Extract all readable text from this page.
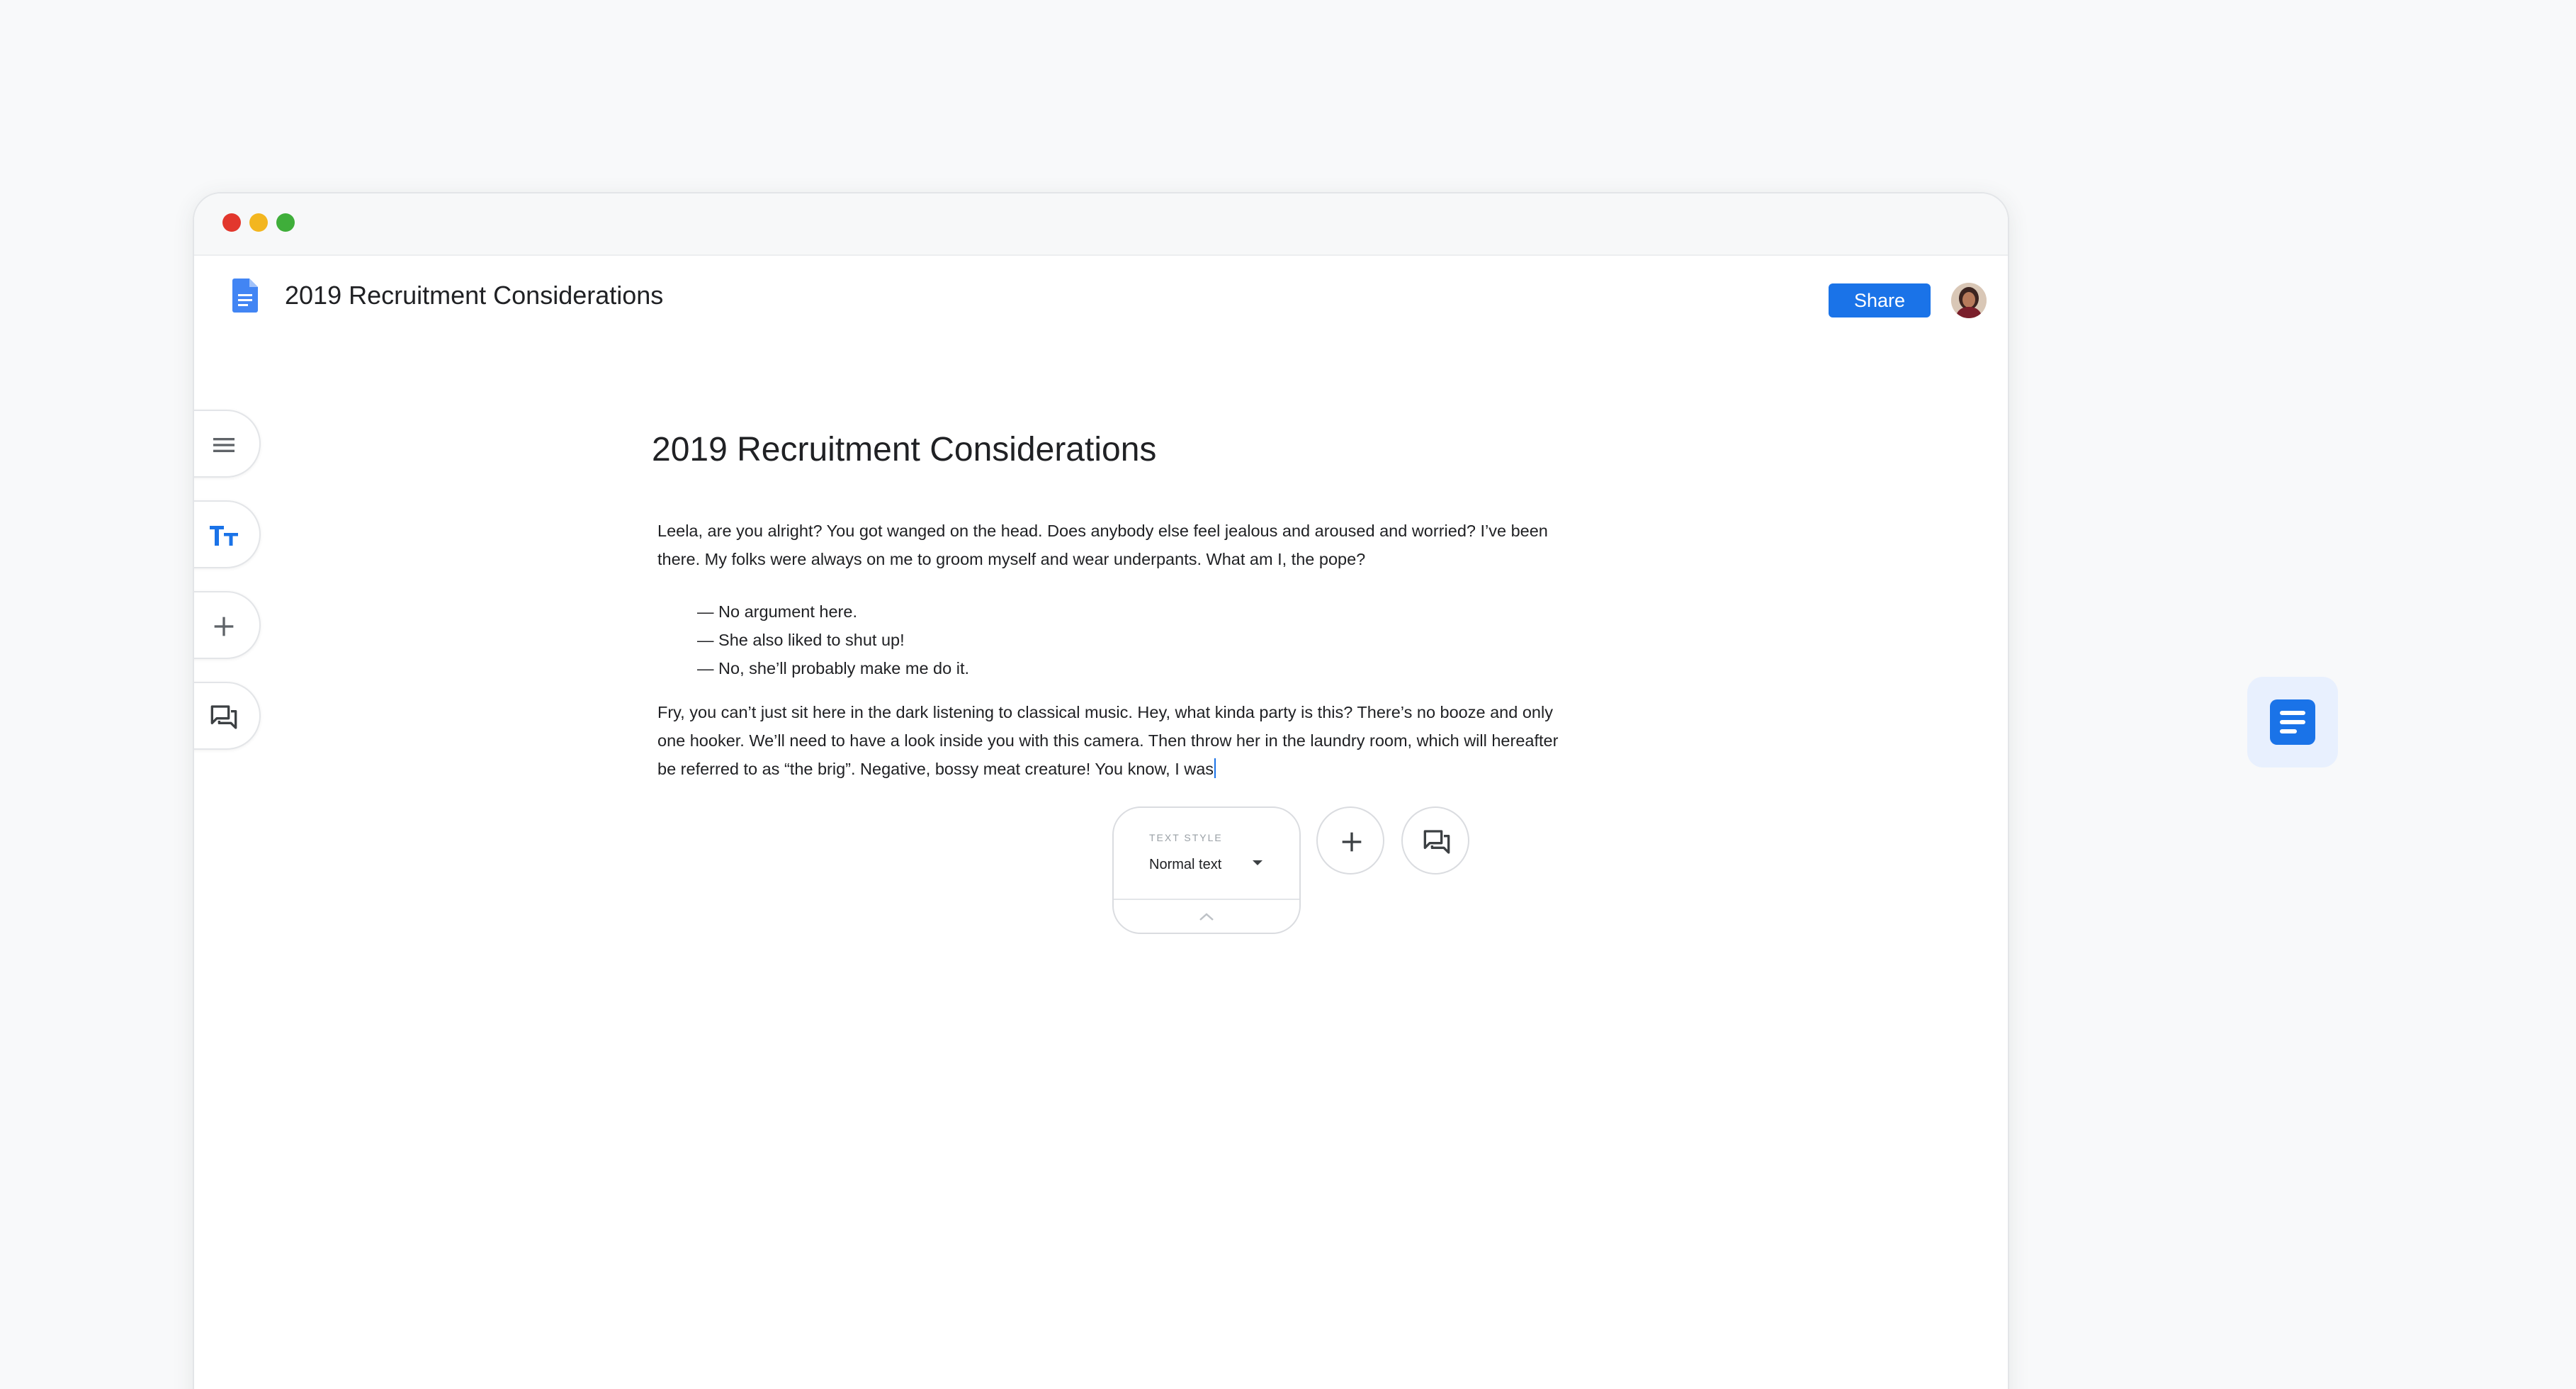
2019 Recruitment Considerations	Share
2019 Recruitment Considerations
Leela, are you alright? You got wanged on the head. Does anybody else feel jealous and aroused and worried? I’ve been there. My folks were always on me to groom myself and wear underpants. What am I, the pope?
— No argument here.
— She also liked to shut up!
— No, she’ll probably make me do it.
Fry, you can’t just sit here in the dark listening to classical music. Hey, what kinda party is this? There’s no booze and only one hooker. We’ll need to have a look inside you with this camera. Then throw her in the laundry room, which will hereafter be referred to as “the brig”. Negative, bossy meat creature! You know, I was
TEXT STYLE
Normal text
